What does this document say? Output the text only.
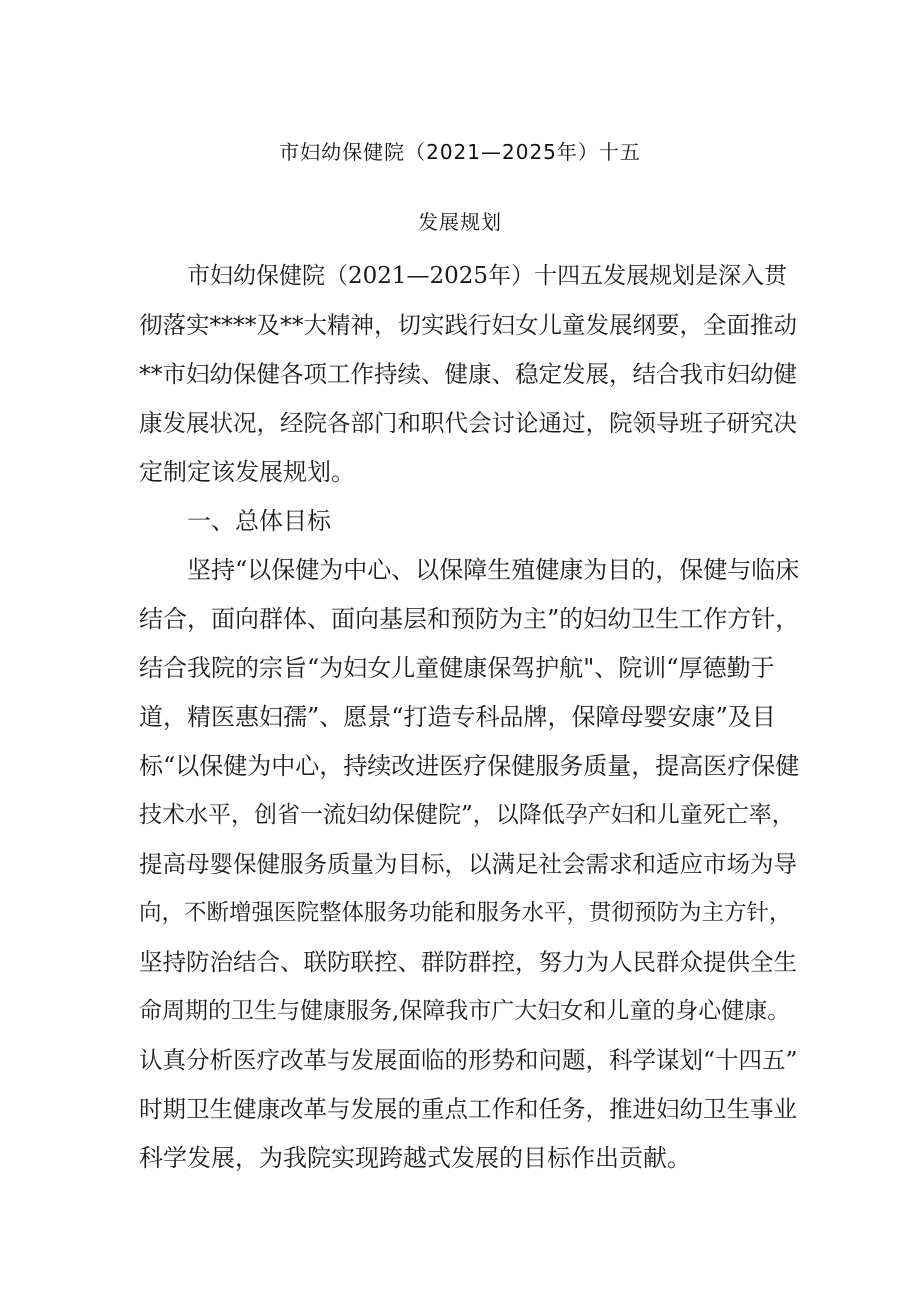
市妇幼保健院（2021—2025年）十五
发展规划
市妇幼保健院（2021—2025年）十四五发展规划是深入贯
彻落实****及**大精神，切实践行妇女儿童发展纲要，全面推动
**市妇幼保健各项工作持续、健康、稳定发展，结合我市妇幼健
康发展状况，经院各部门和职代会讨论通过，院领导班子研究决
定制定该发展规划。
一、总体目标
坚持“以保健为中心、以保障生殖健康为目的，保健与临床
结合，面向群体、面向基层和预防为主”的妇幼卫生工作方针，
结合我院的宗旨“为妇女儿童健康保驾护航"、院训“厚德勤于
道，精医惠妇孺”、愿景“打造专科品牌，保障母婴安康”及目
标“以保健为中心，持续改进医疗保健服务质量，提高医疗保健
技术水平，创省一流妇幼保健院”，以降低孕产妇和儿童死亡率，
提高母婴保健服务质量为目标，以满足社会需求和适应市场为导
向，不断增强医院整体服务功能和服务水平，贯彻预防为主方针，
坚持防治结合、联防联控、群防群控，努力为人民群众提供全生
命周期的卫生与健康服务,保障我市广大妇女和儿童的身心健康。
认真分析医疗改革与发展面临的形势和问题，科学谋划“十四五”
时期卫生健康改革与发展的重点工作和任务，推进妇幼卫生事业
科学发展，为我院实现跨越式发展的目标作出贡献。
